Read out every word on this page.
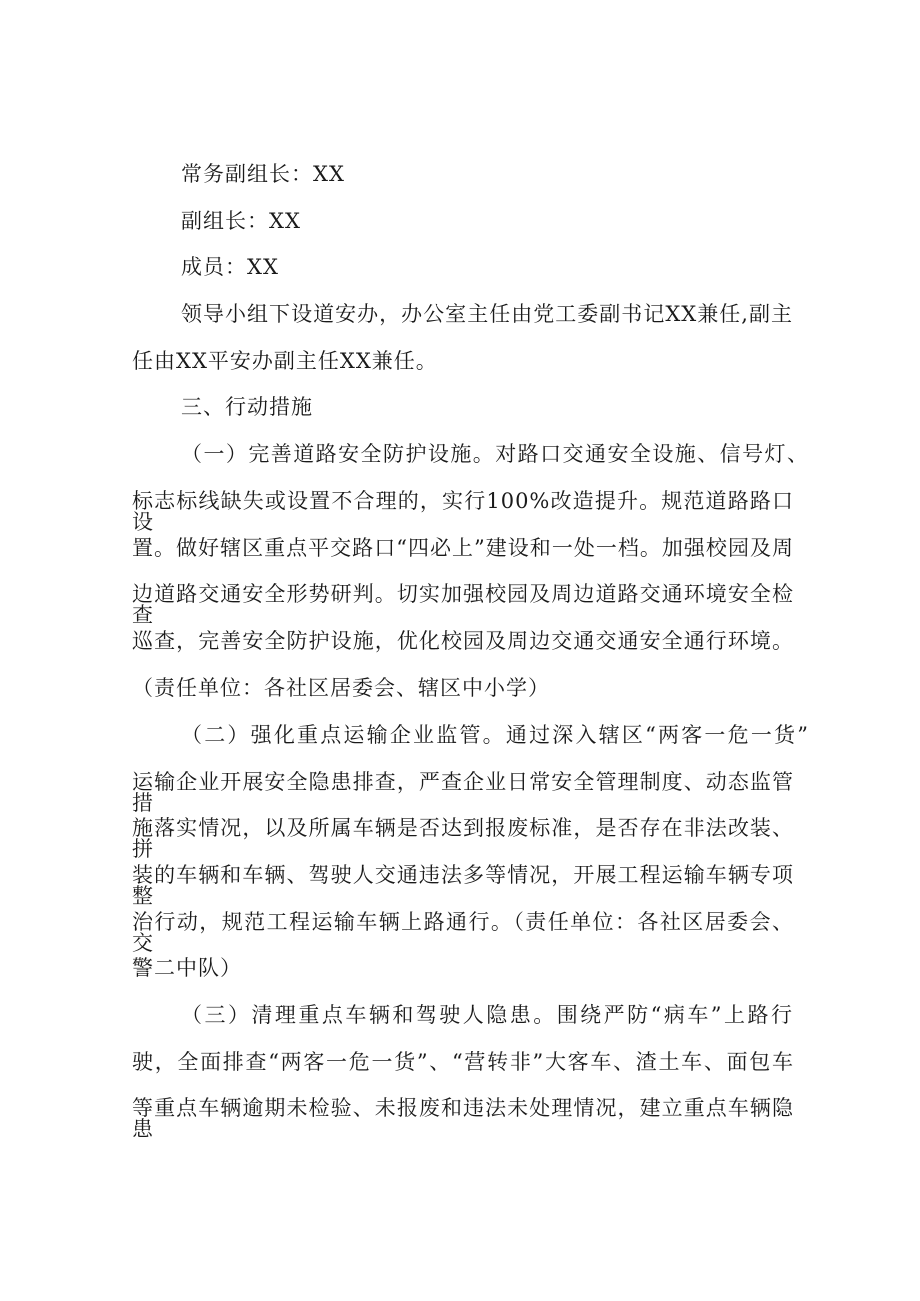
常务副组长：XX
副组长：XX
成员：XX
领导小组下设道安办，办公室主任由党工委副书记XX兼任,副主
任由XX平安办副主任XX兼任。
三、行动措施
（一）完善道路安全防护设施。对路口交通安全设施、信号灯、
标志标线缺失或设置不合理的，实行100%改造提升。规范道路路口设
置。做好辖区重点平交路口“四必上”建设和一处一档。加强校园及周
边道路交通安全形势研判。切实加强校园及周边道路交通环境安全检查
巡查，完善安全防护设施，优化校园及周边交通交通安全通行环境。
（责任单位：各社区居委会、辖区中小学）
（二）强化重点运输企业监管。通过深入辖区“两客一危一货”
运输企业开展安全隐患排查，严查企业日常安全管理制度、动态监管措
施落实情况，以及所属车辆是否达到报废标准，是否存在非法改装、拼
装的车辆和车辆、驾驶人交通违法多等情况，开展工程运输车辆专项整
治行动，规范工程运输车辆上路通行。（责任单位：各社区居委会、交
警二中队）
（三）清理重点车辆和驾驶人隐患。围绕严防“病车”上路行
驶，全面排查“两客一危一货”、“营转非”大客车、渣土车、面包车
等重点车辆逾期未检验、未报废和违法未处理情况，建立重点车辆隐患
